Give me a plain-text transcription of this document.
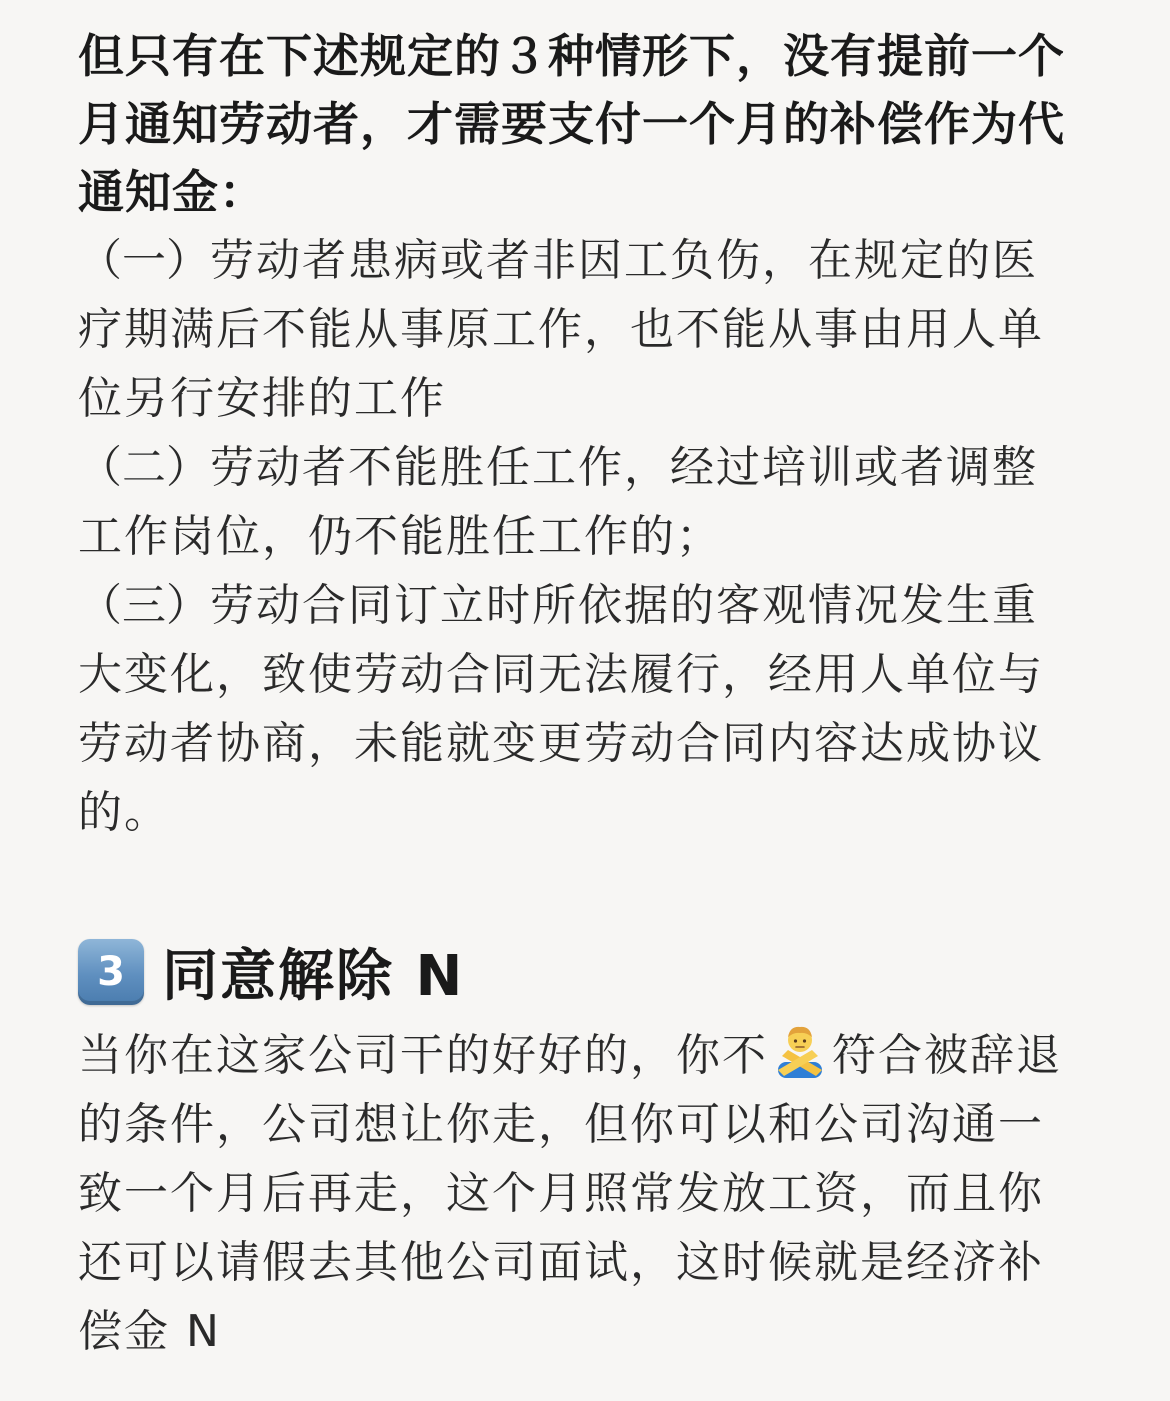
但只有在下述规定的３种情形下，没有提前一个月通知劳动者，才需要支付一个月的补偿作为代通知金：

（一）劳动者患病或者非因工负伤，在规定的医疗期满后不能从事原工作，也不能从事由用人单位另行安排的工作
（二）劳动者不能胜任工作，经过培训或者调整工作岗位，仍不能胜任工作的；
（三）劳动合同订立时所依据的客观情况发生重大变化，致使劳动合同无法履行，经用人单位与劳动者协商，未能就变更劳动合同内容达成协议的。
3 同意解除 N
当你在这家公司干的好好的，你不 符合被辞退的条件，公司想让你走，但你可以和公司沟通一致一个月后再走，这个月照常发放工资，而且你还可以请假去其他公司面试，这时候就是经济补偿金 N
